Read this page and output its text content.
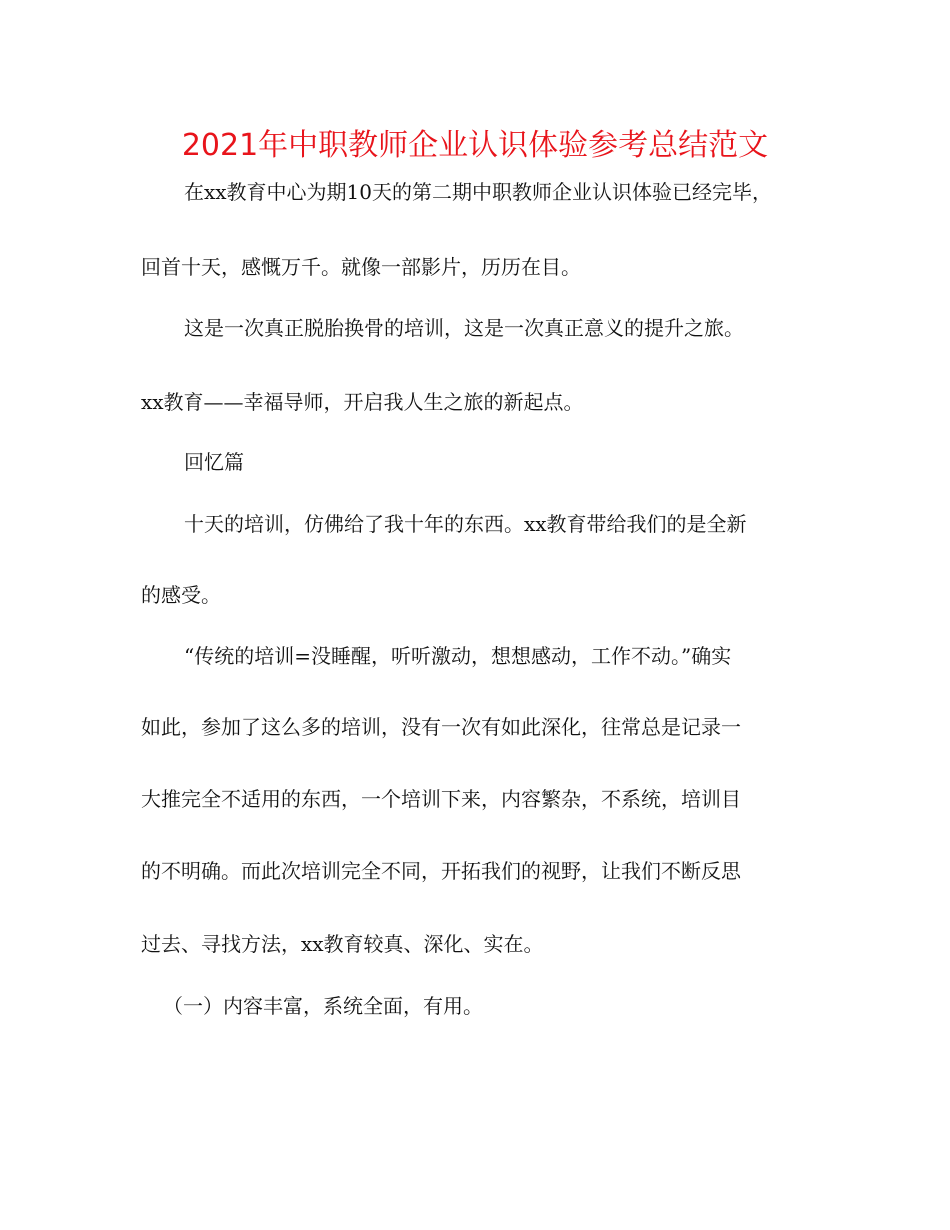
2021年中职教师企业认识体验参考总结范文
在xx教育中心为期10天的第二期中职教师企业认识体验已经完毕，
回首十天，感慨万千。就像一部影片，历历在目。
这是一次真正脱胎换骨的培训，这是一次真正意义的提升之旅。
xx教育——幸福导师，开启我人生之旅的新起点。
回忆篇
十天的培训，仿佛给了我十年的东西。xx教育带给我们的是全新
的感受。
“传统的培训=没睡醒，听听激动，想想感动，工作不动。”确实
如此，参加了这么多的培训，没有一次有如此深化，往常总是记录一
大推完全不适用的东西，一个培训下来，内容繁杂，不系统，培训目
的不明确。而此次培训完全不同，开拓我们的视野，让我们不断反思
过去、寻找方法，xx教育较真、深化、实在。
（一）内容丰富，系统全面，有用。
